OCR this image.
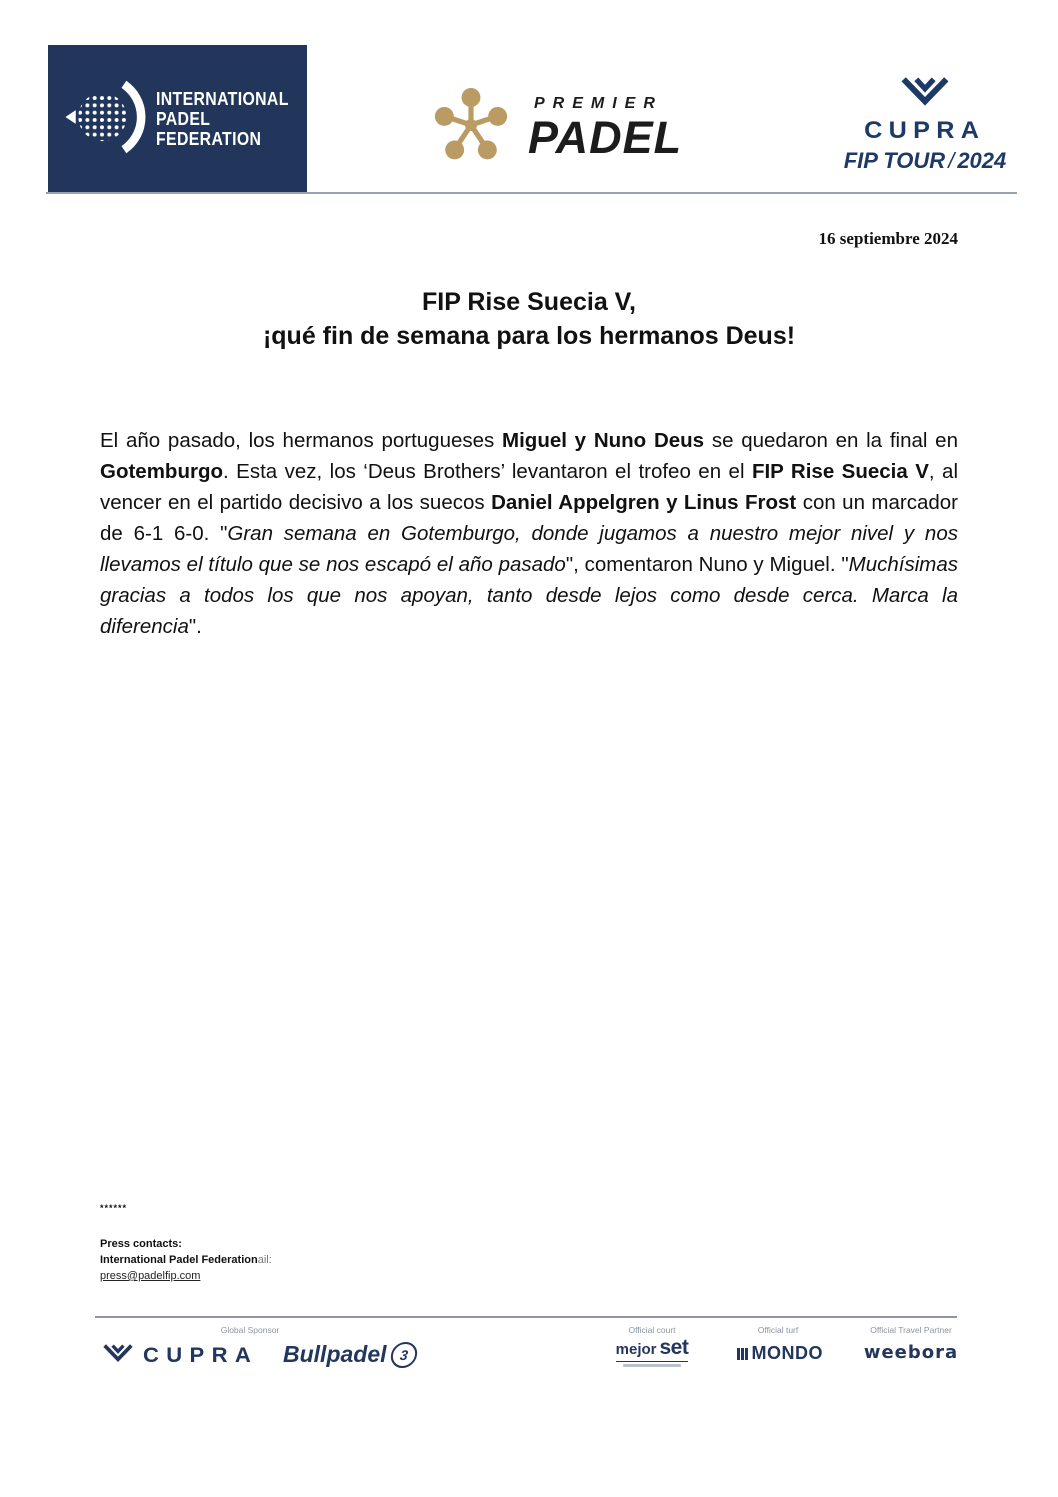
INTERNATIONAL
PADEL
FEDERATION
PREMIER
PADEL	CUPRA
FIP TOUR / 2024
16 septiembre 2024
FIP Rise Suecia V,
¡qué fin de semana para los hermanos Deus!

El año pasado, los hermanos portugueses Miguel y Nuno Deus se quedaron en la final en Gotemburgo. Esta vez, los ‘Deus Brothers’ levantaron el trofeo en el FIP Rise Suecia V, al vencer en el partido decisivo a los suecos Daniel Appelgren y Linus Frost con un marcador de 6-1 6-0. "Gran semana en Gotemburgo, donde jugamos a nuestro mejor nivel y nos llevamos el título que se nos escapó el año pasado", comentaron Nuno y Miguel. "Muchísimas gracias a todos los que nos apoyan, tanto desde lejos como desde cerca. Marca la diferencia".

******
Press contacts:
International Padel Federationail:
press@padelfip.com
Global Sponsor	Official court	Official turf	Official Travel Partner
CUPRA Bullpadel 3	mejor set	MONDO	weebora
